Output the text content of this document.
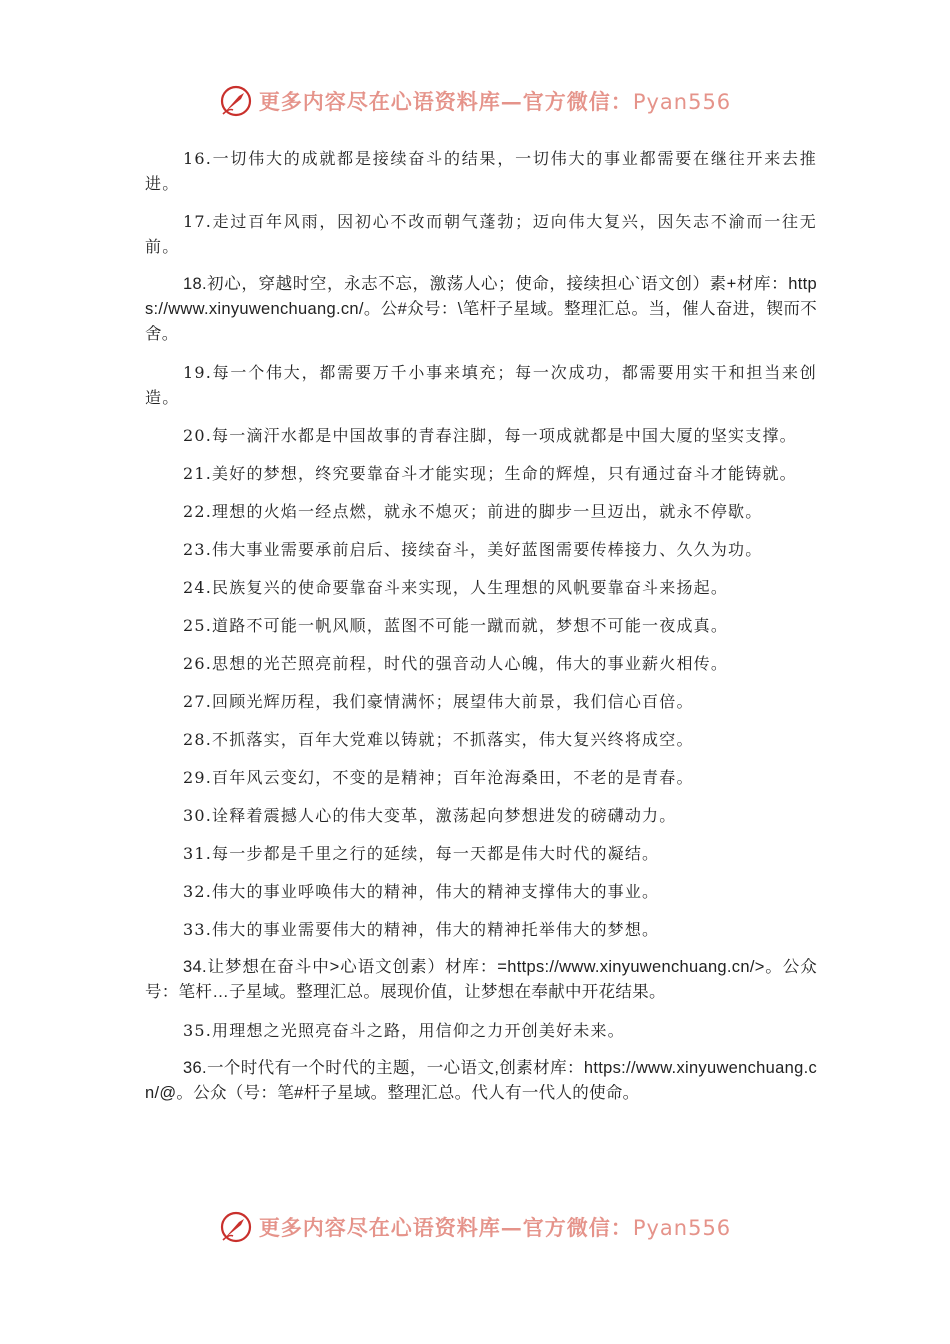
更多内容尽在心语资料库—官方微信：Pyan556

16.一切伟大的成就都是接续奋斗的结果，一切伟大的事业都需要在继往开来去推进。

17.走过百年风雨，因初心不改而朝气蓬勃；迈向伟大复兴，因矢志不渝而一往无前。

18.初心，穿越时空，永志不忘，激荡人心；使命，接续担心`语文创）素+材库：https://www.xinyuwenchuang.cn/。公#众号：\笔杆子星域。整理汇总。当，催人奋进，锲而不舍。

19.每一个伟大，都需要万千小事来填充；每一次成功，都需要用实干和担当来创造。

20.每一滴汗水都是中国故事的青春注脚，每一项成就都是中国大厦的坚实支撑。

21.美好的梦想，终究要靠奋斗才能实现；生命的辉煌，只有通过奋斗才能铸就。

22.理想的火焰一经点燃，就永不熄灭；前进的脚步一旦迈出，就永不停歇。

23.伟大事业需要承前启后、接续奋斗，美好蓝图需要传棒接力、久久为功。

24.民族复兴的使命要靠奋斗来实现，人生理想的风帆要靠奋斗来扬起。

25.道路不可能一帆风顺，蓝图不可能一蹴而就，梦想不可能一夜成真。

26.思想的光芒照亮前程，时代的强音动人心魄，伟大的事业薪火相传。

27.回顾光辉历程，我们豪情满怀；展望伟大前景，我们信心百倍。

28.不抓落实，百年大党难以铸就；不抓落实，伟大复兴终将成空。

29.百年风云变幻，不变的是精神；百年沧海桑田，不老的是青春。

30.诠释着震撼人心的伟大变革，激荡起向梦想进发的磅礴动力。

31.每一步都是千里之行的延续，每一天都是伟大时代的凝结。

32.伟大的事业呼唤伟大的精神，伟大的精神支撑伟大的事业。

33.伟大的事业需要伟大的精神，伟大的精神托举伟大的梦想。

34.让梦想在奋斗中>心语文创素）材库：=https://www.xinyuwenchuang.cn/>。公众号：笔杆…子星域。整理汇总。展现价值，让梦想在奉献中开花结果。

35.用理想之光照亮奋斗之路，用信仰之力开创美好未来。

36.一个时代有一个时代的主题，一心语文,创素材库：https://www.xinyuwenchuang.cn/@。公众（号：笔#杆子星域。整理汇总。代人有一代人的使命。

更多内容尽在心语资料库—官方微信：Pyan556
